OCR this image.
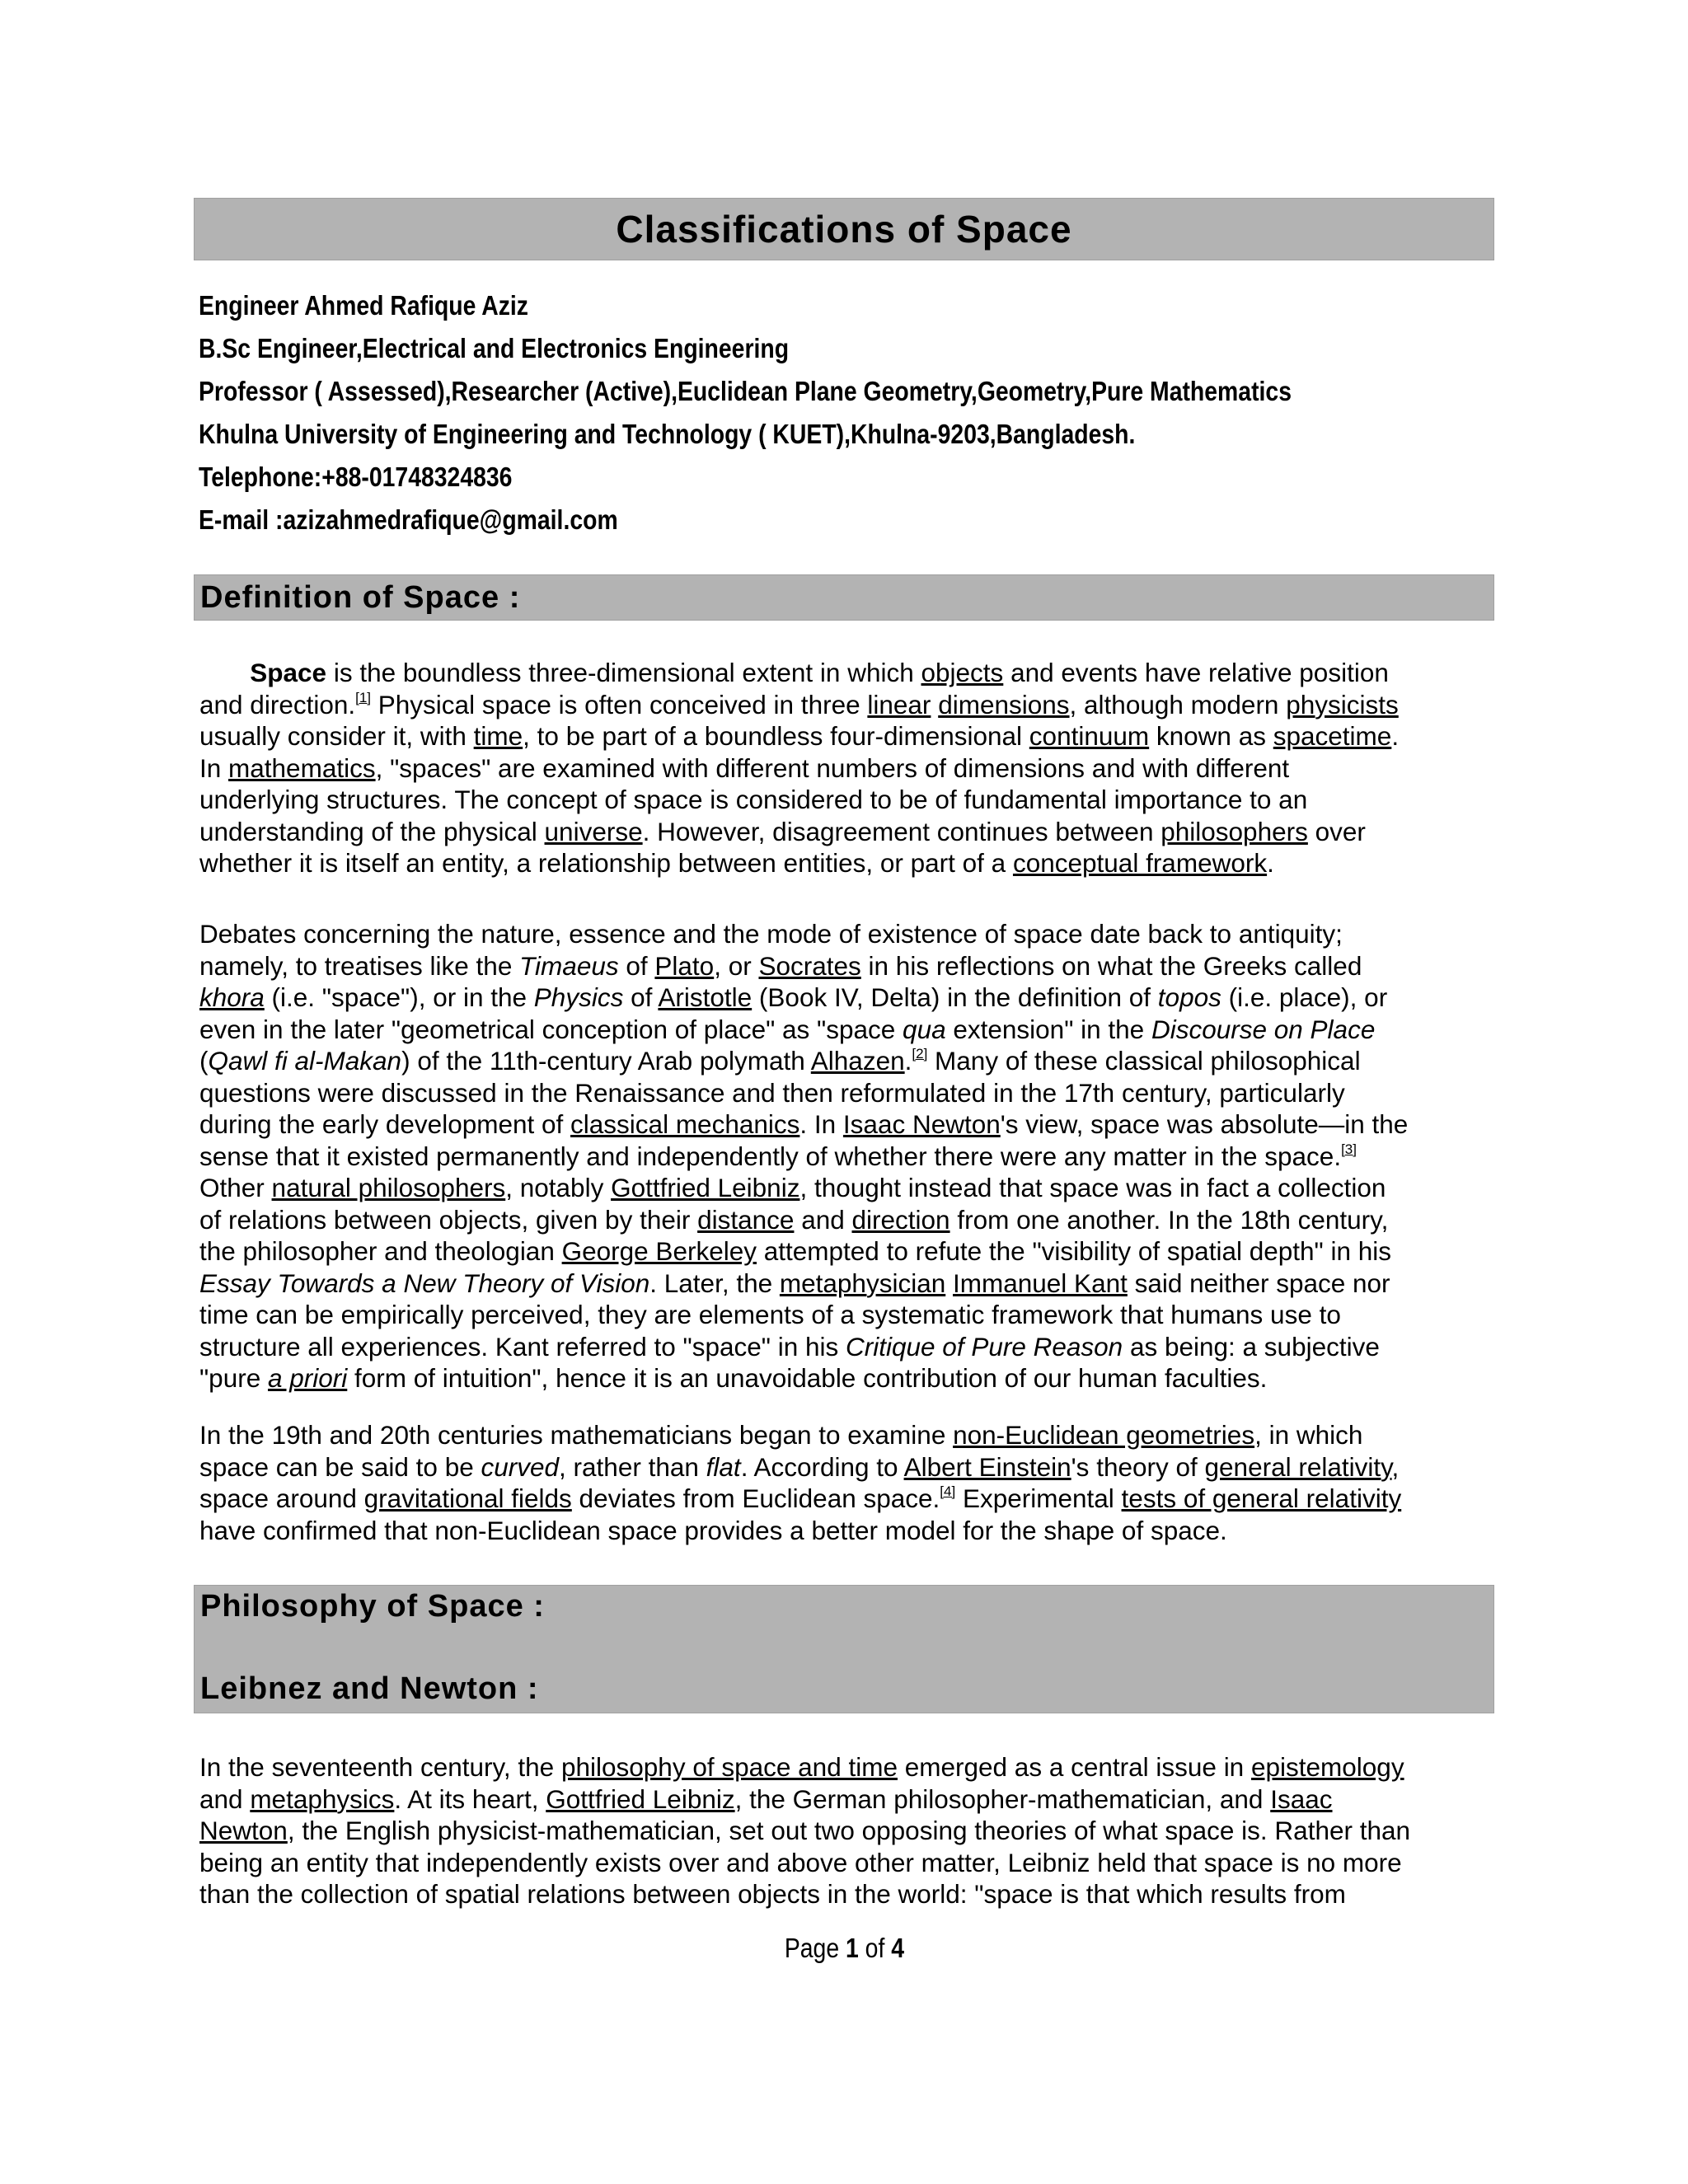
Classifications of Space
Engineer Ahmed Rafique Aziz
B.Sc Engineer,Electrical and Electronics Engineering
Professor ( Assessed),Researcher (Active),Euclidean Plane Geometry,Geometry,Pure Mathematics
Khulna University of Engineering and Technology ( KUET),Khulna-9203,Bangladesh.
Telephone:+88-01748324836
E-mail :azizahmedrafique@gmail.com
Definition of Space :
Space is the boundless three-dimensional extent in which objects and events have relative position
and direction.[1] Physical space is often conceived in three linear dimensions, although modern physicists
usually consider it, with time, to be part of a boundless four-dimensional continuum known as spacetime.
In mathematics, "spaces" are examined with different numbers of dimensions and with different
underlying structures. The concept of space is considered to be of fundamental importance to an
understanding of the physical universe. However, disagreement continues between philosophers over
whether it is itself an entity, a relationship between entities, or part of a conceptual framework.
Debates concerning the nature, essence and the mode of existence of space date back to antiquity;
namely, to treatises like the Timaeus of Plato, or Socrates in his reflections on what the Greeks called
khora (i.e. "space"), or in the Physics of Aristotle (Book IV, Delta) in the definition of topos (i.e. place), or
even in the later "geometrical conception of place" as "space qua extension" in the Discourse on Place
(Qawl fi al-Makan) of the 11th-century Arab polymath Alhazen.[2] Many of these classical philosophical
questions were discussed in the Renaissance and then reformulated in the 17th century, particularly
during the early development of classical mechanics. In Isaac Newton's view, space was absolute—in the
sense that it existed permanently and independently of whether there were any matter in the space.[3]
Other natural philosophers, notably Gottfried Leibniz, thought instead that space was in fact a collection
of relations between objects, given by their distance and direction from one another. In the 18th century,
the philosopher and theologian George Berkeley attempted to refute the "visibility of spatial depth" in his
Essay Towards a New Theory of Vision. Later, the metaphysician Immanuel Kant said neither space nor
time can be empirically perceived, they are elements of a systematic framework that humans use to
structure all experiences. Kant referred to "space" in his Critique of Pure Reason as being: a subjective
"pure a priori form of intuition", hence it is an unavoidable contribution of our human faculties.
In the 19th and 20th centuries mathematicians began to examine non-Euclidean geometries, in which
space can be said to be curved, rather than flat. According to Albert Einstein's theory of general relativity,
space around gravitational fields deviates from Euclidean space.[4] Experimental tests of general relativity
have confirmed that non-Euclidean space provides a better model for the shape of space.
Philosophy of Space :
Leibnez and Newton :
In the seventeenth century, the philosophy of space and time emerged as a central issue in epistemology
and metaphysics. At its heart, Gottfried Leibniz, the German philosopher-mathematician, and Isaac
Newton, the English physicist-mathematician, set out two opposing theories of what space is. Rather than
being an entity that independently exists over and above other matter, Leibniz held that space is no more
than the collection of spatial relations between objects in the world: "space is that which results from
Page 1 of 4
